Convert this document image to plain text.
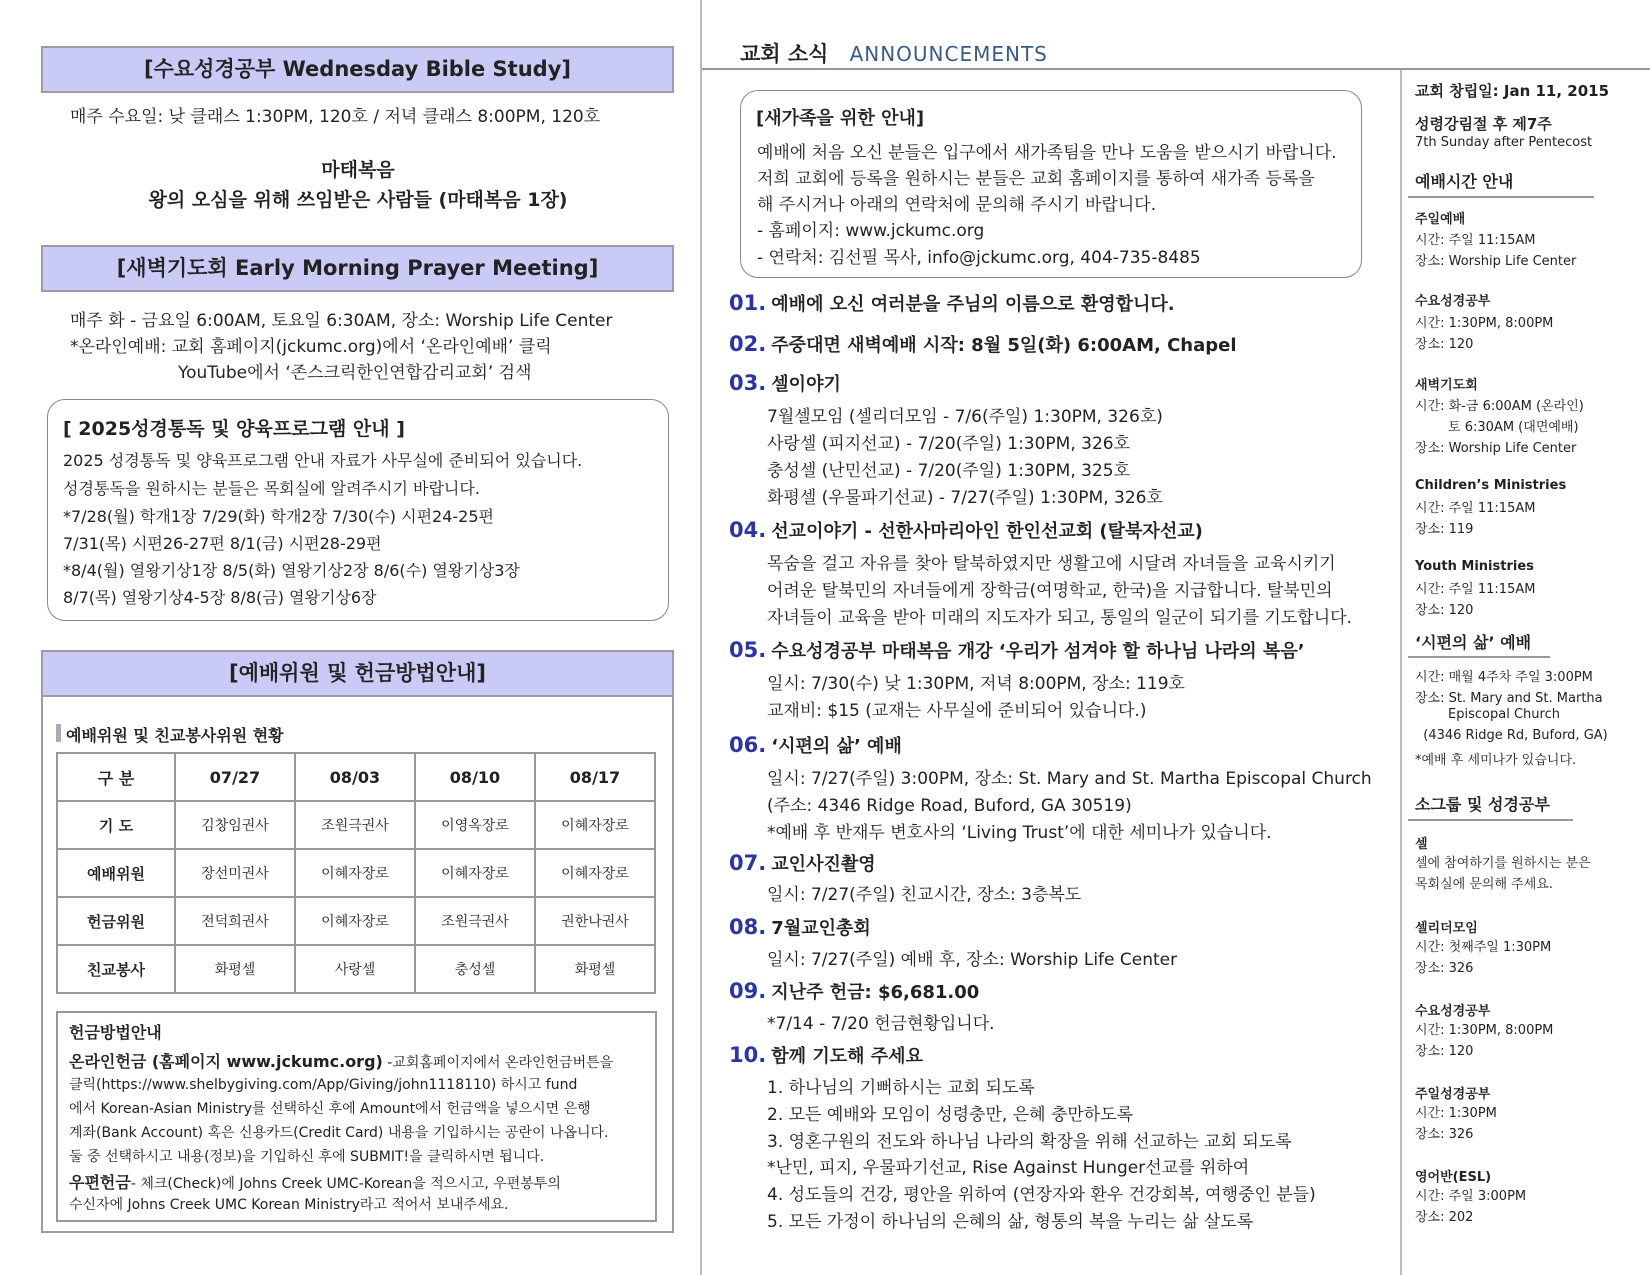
[수요성경공부 Wednesday Bible Study]
매주 수요일: 낮 클래스 1:30PM, 120호 / 저녁 클래스 8:00PM, 120호
마태복음
왕의 오심을 위해 쓰임받은 사람들 (마태복음 1장)
[새벽기도회 Early Morning Prayer Meeting]
매주 화 - 금요일 6:00AM, 토요일 6:30AM, 장소: Worship Life Center
*온라인예배: 교회 홈페이지(jckumc.org)에서 ‘온라인예배’ 클릭
YouTube에서 ‘존스크릭한인연합감리교회’ 검색
[ 2025성경통독 및 양육프로그램 안내 ]
2025 성경통독 및 양육프로그램 안내 자료가 사무실에 준비되어 있습니다.
성경통독을 원하시는 분들은 목회실에 알려주시기 바랍니다.
*7/28(월) 학개1장 7/29(화) 학개2장 7/30(수) 시편24-25편
7/31(목) 시편26-27편 8/1(금) 시편28-29편
*8/4(월) 열왕기상1장 8/5(화) 열왕기상2장 8/6(수) 열왕기상3장
8/7(목) 열왕기상4-5장 8/8(금) 열왕기상6장
[예배위원 및 헌금방법안내]
예배위원 및 친교봉사위원 현황
구 분	07/27	08/03	08/10	08/17
기 도	김창임권사	조원극권사	이영옥장로	이혜자장로
예배위원	장선미권사	이혜자장로	이혜자장로	이혜자장로
헌금위원	전덕희권사	이혜자장로	조원극권사	권한나권사
친교봉사	화평셀	사랑셀	충성셀	화평셀
헌금방법안내
온라인헌금 (홈페이지 www.jckumc.org) -교회홈페이지에서 온라인헌금버튼을
클릭(https://www.shelbygiving.com/App/Giving/john1118110) 하시고 fund
에서 Korean-Asian Ministry를 선택하신 후에 Amount에서 헌금액을 넣으시면 은행
계좌(Bank Account) 혹은 신용카드(Credit Card) 내용을 기입하시는 공란이 나옵니다.
둘 중 선택하시고 내용(정보)을 기입하신 후에 SUBMIT!을 클릭하시면 됩니다.
우편헌금- 체크(Check)에 Johns Creek UMC-Korean을 적으시고, 우편봉투의
수신자에 Johns Creek UMC Korean Ministry라고 적어서 보내주세요.
교회 소식 ANNOUNCEMENTS
[새가족을 위한 안내]
예배에 처음 오신 분들은 입구에서 새가족팀을 만나 도움을 받으시기 바랍니다.
저희 교회에 등록을 원하시는 분들은 교회 홈페이지를 통하여 새가족 등록을
해 주시거나 아래의 연락처에 문의해 주시기 바랍니다.
- 홈페이지: www.jckumc.org
- 연락처: 김선필 목사, info@jckumc.org, 404-735-8485
01. 예배에 오신 여러분을 주님의 이름으로 환영합니다.
02. 주중대면 새벽예배 시작: 8월 5일(화) 6:00AM, Chapel
03. 셀이야기
7월셀모임 (셀리더모임 - 7/6(주일) 1:30PM, 326호)
사랑셀 (피지선교) - 7/20(주일) 1:30PM, 326호
충성셀 (난민선교) - 7/20(주일) 1:30PM, 325호
화평셀 (우물파기선교) - 7/27(주일) 1:30PM, 326호
04. 선교이야기 - 선한사마리아인 한인선교회 (탈북자선교)
목숨을 걸고 자유를 찾아 탈북하였지만 생활고에 시달려 자녀들을 교육시키기
어려운 탈북민의 자녀들에게 장학금(여명학교, 한국)을 지급합니다. 탈북민의
자녀들이 교육을 받아 미래의 지도자가 되고, 통일의 일군이 되기를 기도합니다.
05. 수요성경공부 마태복음 개강 ‘우리가 섬겨야 할 하나님 나라의 복음’
일시: 7/30(수) 낮 1:30PM, 저녁 8:00PM, 장소: 119호
교재비: $15 (교재는 사무실에 준비되어 있습니다.)
06. ‘시편의 삶’ 예배
일시: 7/27(주일) 3:00PM, 장소: St. Mary and St. Martha Episcopal Church
(주소: 4346 Ridge Road, Buford, GA 30519)
*예배 후 반재두 변호사의 ‘Living Trust’에 대한 세미나가 있습니다.
07. 교인사진촬영
일시: 7/27(주일) 친교시간, 장소: 3층복도
08. 7월교인총회
일시: 7/27(주일) 예배 후, 장소: Worship Life Center
09. 지난주 헌금: $6,681.00
*7/14 - 7/20 헌금현황입니다.
10. 함께 기도해 주세요
1. 하나님의 기뻐하시는 교회 되도록
2. 모든 예배와 모임이 성령충만, 은혜 충만하도록
3. 영혼구원의 전도와 하나님 나라의 확장을 위해 선교하는 교회 되도록
*난민, 피지, 우물파기선교, Rise Against Hunger선교를 위하여
4. 성도들의 건강, 평안을 위하여 (연장자와 환우 건강회복, 여행중인 분들)
5. 모든 가정이 하나님의 은혜의 삶, 형통의 복을 누리는 삶 살도록
교회 창립일: Jan 11, 2015
성령강림절 후 제7주
7th Sunday after Pentecost
예배시간 안내
주일예배
시간: 주일 11:15AM
장소: Worship Life Center
수요성경공부
시간: 1:30PM, 8:00PM
장소: 120
새벽기도회
시간: 화-금 6:00AM (온라인)
토 6:30AM (대면예배)
장소: Worship Life Center
Children’s Ministries
시간: 주일 11:15AM
장소: 119
Youth Ministries
시간: 주일 11:15AM
장소: 120
‘시편의 삶’ 예배
시간: 매월 4주차 주일 3:00PM
장소: St. Mary and St. Martha
Episcopal Church
(4346 Ridge Rd, Buford, GA)
*예배 후 세미나가 있습니다.
소그룹 및 성경공부
셀
셀에 참여하기를 원하시는 분은
목회실에 문의해 주세요.
셀리더모임
시간: 첫째주일 1:30PM
장소: 326
수요성경공부
시간: 1:30PM, 8:00PM
장소: 120
주일성경공부
시간: 1:30PM
장소: 326
영어반(ESL)
시간: 주일 3:00PM
장소: 202
